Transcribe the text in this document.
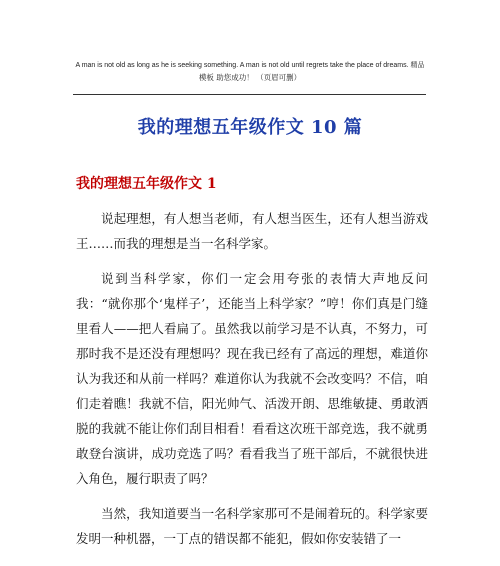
A man is not old as long as he is seeking something. A man is not old until regrets take the place of dreams. 精品
模板 助您成功！ （页眉可删）
我的理想五年级作文 10 篇
我的理想五年级作文 1

说起理想，有人想当老师，有人想当医生，还有人想当游戏王……而我的理想是当一名科学家。

说到当科学家，你们一定会用夸张的表情大声地反问我：“就你那个‘鬼样子’，还能当上科学家？”哼！你们真是门缝里看人——把人看扁了。虽然我以前学习是不认真，不努力，可那时我不是还没有理想吗？现在我已经有了高远的理想，难道你认为我还和从前一样吗？难道你认为我就不会改变吗？不信，咱们走着瞧！我就不信，阳光帅气、活泼开朗、思维敏捷、勇敢洒脱的我就不能让你们刮目相看！看看这次班干部竞选，我不就勇敢登台演讲，成功竞选了吗？看看我当了班干部后，不就很快进入角色，履行职责了吗？

当然，我知道要当一名科学家那可不是闹着玩的。科学家要发明一种机器，一丁点的错误都不能犯，假如你安装错了一
